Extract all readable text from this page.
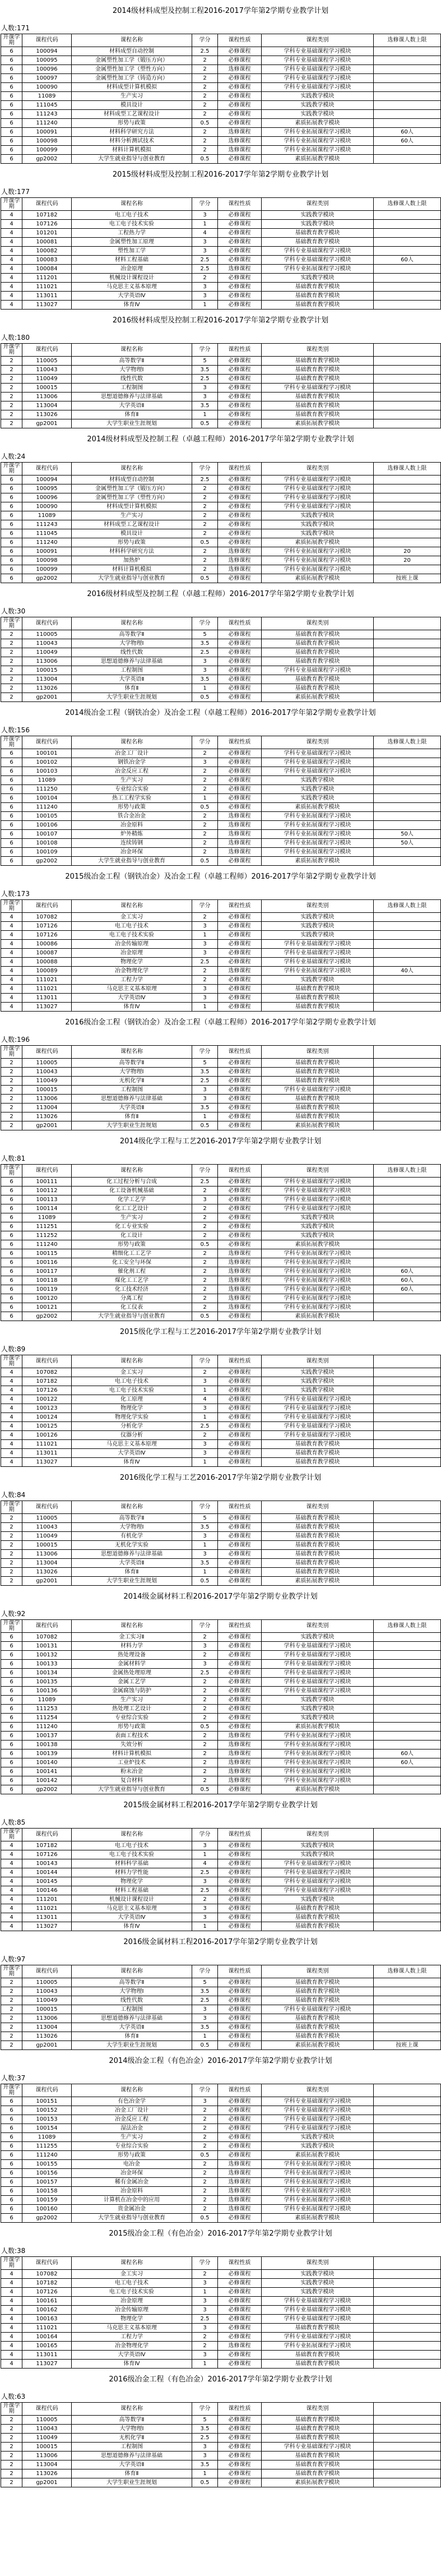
2014级材料成型及控制工程2016-2017学年第2学期专业教学计划
人数:171
开课学期	课程代码	课程名称	学分	课程性质	课程类别	选修课人数上限
6	100094	材料成型自动控制	2.5	必修课程	学科专业基础课程学习模块	
6	100095	金属塑性加工学（锻压方向）	2	必修课程	学科专业基础课程学习模块	
6	100096	金属塑性加工学（塑性方向）	2	选修课程	学科专业基础课程学习模块	
6	100097	金属塑性加工学（铸造方向）	2	必修课程	学科专业基础课程学习模块	
6	100090	材料成型计算机模拟	2	必修课程	学科专业基础课程学习模块	
6	11089	生产实习	2	必修课程	实践教学模块	
6	111045	模具设计	2	必修课程	实践教学模块	
6	111243	材料成型工艺课程设计	2	必修课程	实践教学模块	
6	111240	形势与政策	0.5	必修课程	素质拓展教学模块	
6	100091	材料科学研究方法	2	选修课程	学科专业拓展课程学习模块	60人
6	100098	材料分析测试技术	2	选修课程	学科专业拓展课程学习模块	60人
6	100099	材料计算机模拟	2	选修课程	学科专业拓展课程学习模块	
6	gp2002	大学生就业指导与创业教育	0.5	必修课程	素质拓展教学模块	
2015级材料成型及控制工程2016-2017学年第2学期专业教学计划
人数:177
开课学期	课程代码	课程名称	学分	课程性质	课程类别	选修课人数上限
4	107182	电工电子技术	3	必修课程	实践教学模块	
4	107126	电工电子技术实验	1	必修课程	实践教学模块	
4	101201	工程热力学	4	必修课程	基础教育教学模块	
4	100081	金属塑性加工原理	3	必修课程	基础教育教学模块	
4	100082	塑性加工学	3	必修课程	学科专业基础课程学习模块	
4	100083	材料工程基础	2.5	必修课程	学科专业基础课程学习模块	60人
4	100084	冶金原理	2.5	选修课程	学科专业拓展课程学习模块	
4	111201	机械设计课程设计	2	必修课程	实践教学模块	
4	111021	马克思主义基本原理	3	必修课程	基础教育教学模块	
4	113011	大学英语Ⅳ	3	必修课程	基础教育教学模块	
4	113027	体育Ⅳ	1	必修课程	基础教育教学模块	
2016级材料成型及控制工程2016-2017学年第2学期专业教学计划
人数:180
开课学期	课程代码	课程名称	学分	课程性质	课程类别	
2	110005	高等数学Ⅱ	5	必修课程	基础教育教学模块	
2	110043	大学物理Ⅰ	3.5	必修课程	基础教育教学模块	
2	110049	线性代数	2.5	必修课程	基础教育教学模块	
2	100015	工程制图	3	必修课程	学科专业基础课程学习模块	
2	113006	思想道德修养与法律基础	3	必修课程	基础教育教学模块	
2	113004	大学英语Ⅱ	3.5	必修课程	基础教育教学模块	
2	113026	体育Ⅱ	1	必修课程	基础教育教学模块	
2	gp2001	大学生职业生涯规划	0.5	必修课程	素质拓展教学模块	
2014级材料成型及控制工程（卓越工程师）2016-2017学年第2学期专业教学计划
人数:24
开课学期	课程代码	课程名称	学分	课程性质	课程类别	选修课人数上限
6	100094	材料成型自动控制	2.5	必修课程	学科专业基础课程学习模块	
6	100095	金属塑性加工学（锻压方向）	2	必修课程	学科专业基础课程学习模块	
6	100096	金属塑性加工学（塑性方向）	2	必修课程	学科专业基础课程学习模块	
6	100090	材料成型计算机模拟	2	必修课程	学科专业基础课程学习模块	
6	11089	生产实习	2	必修课程	实践教学模块	
6	111243	材料成型工艺课程设计	2	必修课程	实践教学模块	
6	111045	模具设计	2	必修课程	实践教学模块	
6	111240	形势与政策	0.5	必修课程	素质拓展教学模块	
6	100091	材料科学研究方法	2	选修课程	学科专业拓展课程学习模块	20
6	100098	加热炉	2	选修课程	学科专业拓展课程学习模块	20
6	100099	材料计算机模拟	2	选修课程	学科专业拓展课程学习模块	
6	gp2002	大学生就业指导与创业教育	0.5	必修课程	素质拓展教学模块	按班上课
2016级材料成型及控制工程（卓越工程师）2016-2017学年第2学期专业教学计划
人数:30
开课学期	课程代码	课程名称	学分	课程性质	课程类别	
2	110005	高等数学Ⅱ	5	必修课程	基础教育教学模块	
2	110043	大学物理Ⅰ	3.5	必修课程	基础教育教学模块	
2	110049	线性代数	2.5	必修课程	基础教育教学模块	
2	113006	思想道德修养与法律基础	3	必修课程	基础教育教学模块	
2	100015	工程制图	3	必修课程	学科专业基础课程学习模块	
2	113004	大学英语Ⅱ	3.5	必修课程	基础教育教学模块	
2	113026	体育Ⅱ	1	必修课程	基础教育教学模块	
2	gp2001	大学生职业生涯规划	0.5	必修课程	素质拓展教学模块	
2014级冶金工程（钢铁冶金）及冶金工程（卓越工程师）2016-2017学年第2学期专业教学计划
人数:156
开课学期	课程代码	课程名称	学分	课程性质	课程类别	选修课人数上限
6	100101	冶金工厂设计	2	必修课程	学科专业基础课程学习模块	
6	100102	钢铁冶金学	3	必修课程	学科专业基础课程学习模块	
6	100103	冶金反应工程	2	必修课程	学科专业基础课程学习模块	
6	11089	生产实习	2	必修课程	实践教学模块	
6	111250	专业综合实验	2	必修课程	实践教学模块	
6	100104	热工工程学实验	1	必修课程	实践教学模块	
6	111240	形势与政策	0.5	必修课程	素质拓展教学模块	
6	100105	铁合金冶金	2	选修课程	学科专业拓展课程学习模块	
6	100106	冶金原料	2	选修课程	学科专业拓展课程学习模块	
6	100107	炉外精炼	2	选修课程	学科专业拓展课程学习模块	50人
6	100108	连续铸钢	2	选修课程	学科专业拓展课程学习模块	50人
6	100109	冶金环保	2	选修课程	学科专业拓展课程学习模块	
6	gp2002	大学生就业指导与创业教育	0.5	必修课程	素质拓展教学模块	
2015级冶金工程（钢铁冶金）及冶金工程（卓越工程师）2016-2017学年第2学期专业教学计划
人数:173
开课学期	课程代码	课程名称	学分	课程性质	课程类别	选修课人数上限
4	107082	金工实习	2	必修课程	实践教学模块	
4	107126	电工电子技术	3	必修课程	实践教学模块	
4	107126	电工电子技术实验	1	必修课程	实践教学模块	
4	100086	冶金传输原理	3	必修课程	学科专业基础课程学习模块	
4	100087	冶金原理	3	必修课程	学科专业基础课程学习模块	
4	100088	物理化学	2.5	必修课程	学科专业基础课程学习模块	
4	100089	冶金物理化学	2	选修课程	学科专业拓展课程学习模块	40人
4	111021	工程力学	2	必修课程	实践教学模块	
4	111021	马克思主义基本原理	3	必修课程	基础教育教学模块	
4	113011	大学英语Ⅳ	3	必修课程	基础教育教学模块	
4	113027	体育Ⅳ	1	必修课程	基础教育教学模块	
2016级冶金工程（钢铁冶金）及冶金工程（卓越工程师）2016-2017学年第2学期专业教学计划
人数:196
开课学期	课程代码	课程名称	学分	课程性质	课程类别	
2	110005	高等数学Ⅱ	5	必修课程	基础教育教学模块	
2	110043	大学物理Ⅰ	3.5	必修课程	基础教育教学模块	
2	110049	无机化学Ⅱ	2.5	必修课程	基础教育教学模块	
2	100015	工程制图	3	必修课程	学科专业基础课程学习模块	
2	113006	思想道德修养与法律基础	3	必修课程	基础教育教学模块	
2	113004	大学英语Ⅱ	3.5	必修课程	基础教育教学模块	
2	113026	体育Ⅱ	1	必修课程	基础教育教学模块	
2	gp2001	大学生职业生涯规划	0.5	必修课程	素质拓展教学模块	
2014级化学工程与工艺2016-2017学年第2学期专业教学计划
人数:81
开课学期	课程代码	课程名称	学分	课程性质	课程类别	选修课人数上限
6	100111	化工过程分析与合成	2.5	必修课程	学科专业基础课程学习模块	
6	100112	化工设备机械基础	2	必修课程	学科专业基础课程学习模块	
6	100113	化学工艺学	3	必修课程	学科专业基础课程学习模块	
6	100114	化工工艺设计	2	必修课程	学科专业基础课程学习模块	
6	11089	生产实习	2	必修课程	实践教学模块	
6	111251	化工专业实验	2	必修课程	实践教学模块	
6	111252	化工设计	2	必修课程	实践教学模块	
6	111240	形势与政策	0.5	必修课程	素质拓展教学模块	
6	100115	精细化工工艺学	2	选修课程	学科专业拓展课程学习模块	
6	100116	化工安全与环保	2	选修课程	学科专业拓展课程学习模块	
6	100117	催化剂工程	2	选修课程	学科专业拓展课程学习模块	60人
6	100118	煤化工工艺学	2	选修课程	学科专业拓展课程学习模块	60人
6	100119	化工技术经济	2	选修课程	学科专业拓展课程学习模块	60人
6	100120	分离工程	2	选修课程	学科专业拓展课程学习模块	
6	100121	化工仪表	2	选修课程	学科专业拓展课程学习模块	
6	gp2002	大学生就业指导与创业教育	0.5	必修课程	素质拓展教学模块	
2015级化学工程与工艺2016-2017学年第2学期专业教学计划
人数:89
开课学期	课程代码	课程名称	学分	课程性质	课程类别	
4	107082	金工实习	2	必修课程	实践教学模块	
4	107182	电工电子技术	3	必修课程	实践教学模块	
4	107126	电工电子技术实验	1	必修课程	实践教学模块	
4	100122	化工原理	4	必修课程	学科专业基础课程学习模块	
4	100123	物理化学	3	必修课程	学科专业基础课程学习模块	
4	100124	物理化学实验	1	必修课程	学科专业基础课程学习模块	
4	100125	分析化学	2.5	必修课程	学科专业基础课程学习模块	
4	100126	仪器分析	2	必修课程	学科专业基础课程学习模块	
4	111021	马克思主义基本原理	3	必修课程	基础教育教学模块	
4	113011	大学英语Ⅳ	3	必修课程	基础教育教学模块	
4	113027	体育Ⅳ	1	必修课程	基础教育教学模块	
2016级化学工程与工艺2016-2017学年第2学期专业教学计划
人数:84
开课学期	课程代码	课程名称	学分	课程性质	课程类别	
2	110005	高等数学Ⅱ	5	必修课程	基础教育教学模块	
2	110043	大学物理Ⅰ	3.5	必修课程	基础教育教学模块	
2	110049	有机化学	3	必修课程	基础教育教学模块	
2	100015	无机化学实验	1	必修课程	基础教育教学模块	
2	113006	思想道德修养与法律基础	3	必修课程	基础教育教学模块	
2	113004	大学英语Ⅱ	3.5	必修课程	基础教育教学模块	
2	113026	体育Ⅱ	1	必修课程	基础教育教学模块	
2	gp2001	大学生职业生涯规划	0.5	必修课程	素质拓展教学模块	
2014级金属材料工程2016-2017学年第2学期专业教学计划
人数:92
开课学期	课程代码	课程名称	学分	课程性质	课程类别	选修课人数上限
6	107082	金工实习Ⅱ	2	必修课程	实践教学模块	
6	100131	材料力学	3	必修课程	学科专业基础课程学习模块	
6	100132	热处理设备	2	必修课程	学科专业基础课程学习模块	
6	100133	金属材料学	3	必修课程	学科专业基础课程学习模块	
6	100134	金属热处理原理	2.5	必修课程	学科专业基础课程学习模块	
6	100135	金属工艺学	2	必修课程	学科专业基础课程学习模块	
6	100136	金属腐蚀与防护	2	必修课程	学科专业基础课程学习模块	
6	11089	生产实习	2	必修课程	实践教学模块	
6	111253	热处理工艺设计	2	必修课程	实践教学模块	
6	111254	专业综合实验	2	必修课程	实践教学模块	
6	111240	形势与政策	0.5	必修课程	素质拓展教学模块	
6	100137	表面工程技术	2	选修课程	学科专业拓展课程学习模块	
6	100138	失效分析	2	选修课程	学科专业拓展课程学习模块	
6	100139	材料计算机模拟	2	选修课程	学科专业拓展课程学习模块	60人
6	100140	工业炉技术	2	选修课程	学科专业拓展课程学习模块	60人
6	100141	粉末冶金	2	选修课程	学科专业拓展课程学习模块	
6	100142	复合材料	2	选修课程	学科专业拓展课程学习模块	
6	gp2002	大学生就业指导与创业教育	0.5	必修课程	素质拓展教学模块	
2015级金属材料工程2016-2017学年第2学期专业教学计划
人数:85
开课学期	课程代码	课程名称	学分	课程性质	课程类别	
4	107182	电工电子技术	3	必修课程	实践教学模块	
4	107126	电工电子技术实验	1	必修课程	实践教学模块	
4	100143	材料科学基础	4	必修课程	学科专业基础课程学习模块	
4	100144	材料力学性能	2.5	必修课程	学科专业基础课程学习模块	
4	100145	物理化学	3	必修课程	学科专业基础课程学习模块	
4	100146	材料工程基础	2.5	必修课程	学科专业基础课程学习模块	
4	111201	机械设计课程设计	2	必修课程	实践教学模块	
4	111021	马克思主义基本原理	3	必修课程	基础教育教学模块	
4	113011	大学英语Ⅳ	3	必修课程	基础教育教学模块	
4	113027	体育Ⅳ	1	必修课程	基础教育教学模块	
2016级金属材料工程2016-2017学年第2学期专业教学计划
人数:97
开课学期	课程代码	课程名称	学分	课程性质	课程类别	选修课人数上限
2	110005	高等数学Ⅱ	5	必修课程	基础教育教学模块	
2	110043	大学物理Ⅰ	3.5	必修课程	基础教育教学模块	
2	110049	线性代数	2.5	必修课程	基础教育教学模块	
2	100015	工程制图	3	必修课程	学科专业基础课程学习模块	
2	113006	思想道德修养与法律基础	3	必修课程	基础教育教学模块	
2	113004	大学英语Ⅱ	3.5	必修课程	基础教育教学模块	
2	113026	体育Ⅱ	1	必修课程	基础教育教学模块	
2	gp2001	大学生职业生涯规划	0.5	必修课程	素质拓展教学模块	按班上课
2014级冶金工程（有色冶金）2016-2017学年第2学期专业教学计划
人数:37
开课学期	课程代码	课程名称	学分	课程性质	课程类别	
6	100151	有色冶金学	3	必修课程	学科专业基础课程学习模块	
6	100152	冶金工厂设计	2	必修课程	学科专业基础课程学习模块	
6	100153	冶金反应工程	2	必修课程	学科专业基础课程学习模块	
6	100154	湿法冶金	2	必修课程	学科专业基础课程学习模块	
6	11089	生产实习	2	必修课程	实践教学模块	
6	111255	专业综合实验	2	必修课程	实践教学模块	
6	111240	形势与政策	0.5	必修课程	素质拓展教学模块	
6	100155	电冶金	2	选修课程	学科专业拓展课程学习模块	
6	100156	冶金环保	2	选修课程	学科专业拓展课程学习模块	
6	100157	稀有金属冶金	2	选修课程	学科专业拓展课程学习模块	
6	100158	冶金原料	2	选修课程	学科专业拓展课程学习模块	
6	100159	计算机在冶金中的应用	2	选修课程	学科专业拓展课程学习模块	
6	100160	贵金属冶金	2	选修课程	学科专业拓展课程学习模块	
6	gp2002	大学生就业指导与创业教育	0.5	必修课程	素质拓展教学模块	
2015级冶金工程（有色冶金）2016-2017学年第2学期专业教学计划
人数:38
开课学期	课程代码	课程名称	学分	课程性质	课程类别	
4	107082	金工实习	2	必修课程	实践教学模块	
4	107182	电工电子技术	3	必修课程	实践教学模块	
4	107126	电工电子技术实验	1	必修课程	实践教学模块	
4	100161	冶金原理	3	必修课程	学科专业基础课程学习模块	
4	100162	冶金传输原理	3	必修课程	学科专业基础课程学习模块	
4	100163	物理化学	2.5	必修课程	学科专业基础课程学习模块	
4	111021	马克思主义基本原理	3	必修课程	基础教育教学模块	
4	100164	工程力学	2	必修课程	学科专业基础课程学习模块	
4	100165	冶金物理化学	2	选修课程	学科专业拓展课程学习模块	
4	113011	大学英语Ⅳ	3	必修课程	基础教育教学模块	
4	113027	体育Ⅳ	1	必修课程	基础教育教学模块	
2016级冶金工程（有色冶金）2016-2017学年第2学期专业教学计划
人数:63
开课学期	课程代码	课程名称	学分	课程性质	课程类别	
2	110005	高等数学Ⅱ	5	必修课程	基础教育教学模块	
2	110043	大学物理Ⅰ	3.5	必修课程	基础教育教学模块	
2	110049	无机化学Ⅱ	2.5	必修课程	基础教育教学模块	
2	100015	工程制图	3	必修课程	学科专业基础课程学习模块	
2	113006	思想道德修养与法律基础	3	必修课程	基础教育教学模块	
2	113004	大学英语Ⅱ	3.5	必修课程	基础教育教学模块	
2	113026	体育Ⅱ	1	必修课程	基础教育教学模块	
2	gp2001	大学生职业生涯规划	0.5	必修课程	素质拓展教学模块	
